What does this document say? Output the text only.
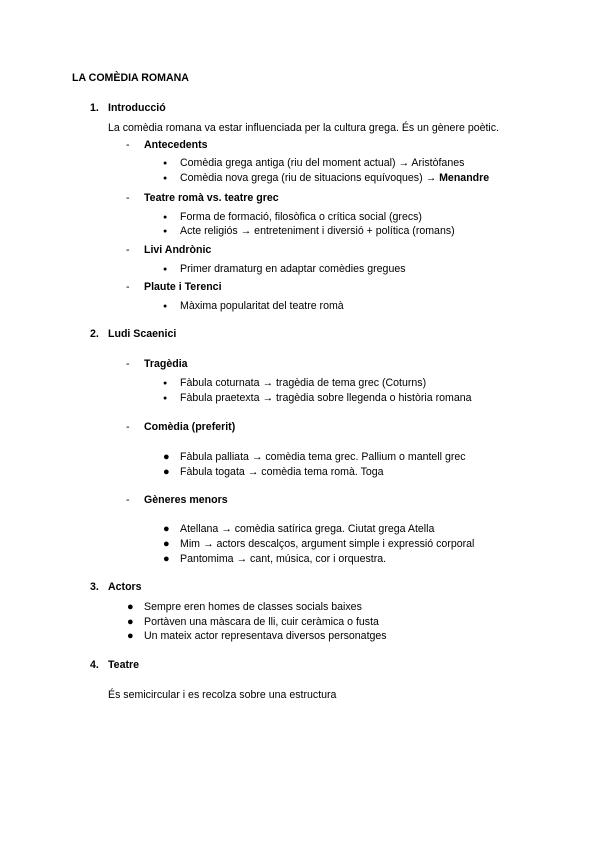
LA COMÈDIA ROMANA
1. Introducció
La comèdia romana va estar influenciada per la cultura grega. És un gènere poètic.
- Antecedents
● Comèdia grega antiga (riu del moment actual) → Aristòfanes
● Comèdia nova grega (riu de situacions equívoques) → Menandre
- Teatre romà vs. teatre grec
● Forma de formació, filosòfica o crítica social (grecs)
● Acte religiós → entreteniment i diversió + política (romans)
- Livi Andrònic
● Primer dramaturg en adaptar comèdies gregues
- Plaute i Terenci
● Màxima popularitat del teatre romà
2. Ludi Scaenici
- Tragèdia
● Fàbula coturnata → tragèdia de tema grec (Coturns)
● Fàbula praetexta → tragèdia sobre llegenda o història romana
- Comèdia (preferit)
● Fàbula palliata → comèdia tema grec. Pallium o mantell grec
● Fàbula togata → comèdia tema romà. Toga
- Gèneres menors
● Atellana → comèdia satírica grega. Ciutat grega Atella
● Mim → actors descalços, argument simple i expressió corporal
● Pantomima → cant, música, cor i orquestra.
3. Actors
● Sempre eren homes de classes socials baixes
● Portàven una màscara de lli, cuir ceràmica o fusta
● Un mateix actor representava diversos personatges
4. Teatre
És semicircular i es recolza sobre una estructura
